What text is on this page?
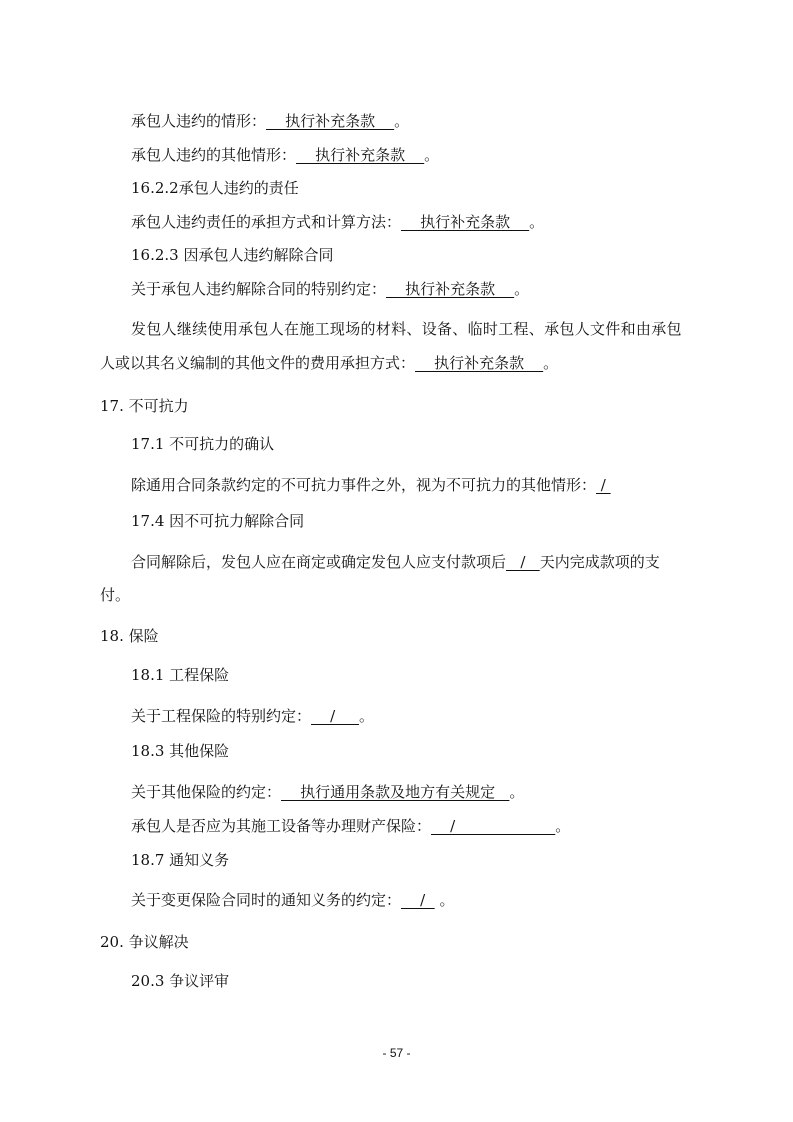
承包人违约的情形：    执行补充条款    。
承包人违约的其他情形：    执行补充条款    。
16.2.2承包人违约的责任
承包人违约责任的承担方式和计算方法：    执行补充条款    。
16.2.3 因承包人违约解除合同
关于承包人违约解除合同的特别约定：    执行补充条款    。
发包人继续使用承包人在施工现场的材料、设备、临时工程、承包人文件和由承包
人或以其名义编制的其他文件的费用承担方式：    执行补充条款    。
17. 不可抗力
17.1 不可抗力的确认
除通用合同条款约定的不可抗力事件之外，视为不可抗力的其他情形： /
17.4 因不可抗力解除合同
合同解除后，发包人应在商定或确定发包人应支付款项后   /   天内完成款项的支
付。
18. 保险
18.1 工程保险
关于工程保险的特别约定：    /     。
18.3 其他保险
关于其他保险的约定：    执行通用条款及地方有关规定   。
承包人是否应为其施工设备等办理财产保险：    /                     。
18.7 通知义务
关于变更保险合同时的通知义务的约定：    /   。
20. 争议解决
20.3 争议评审
- 57 -
